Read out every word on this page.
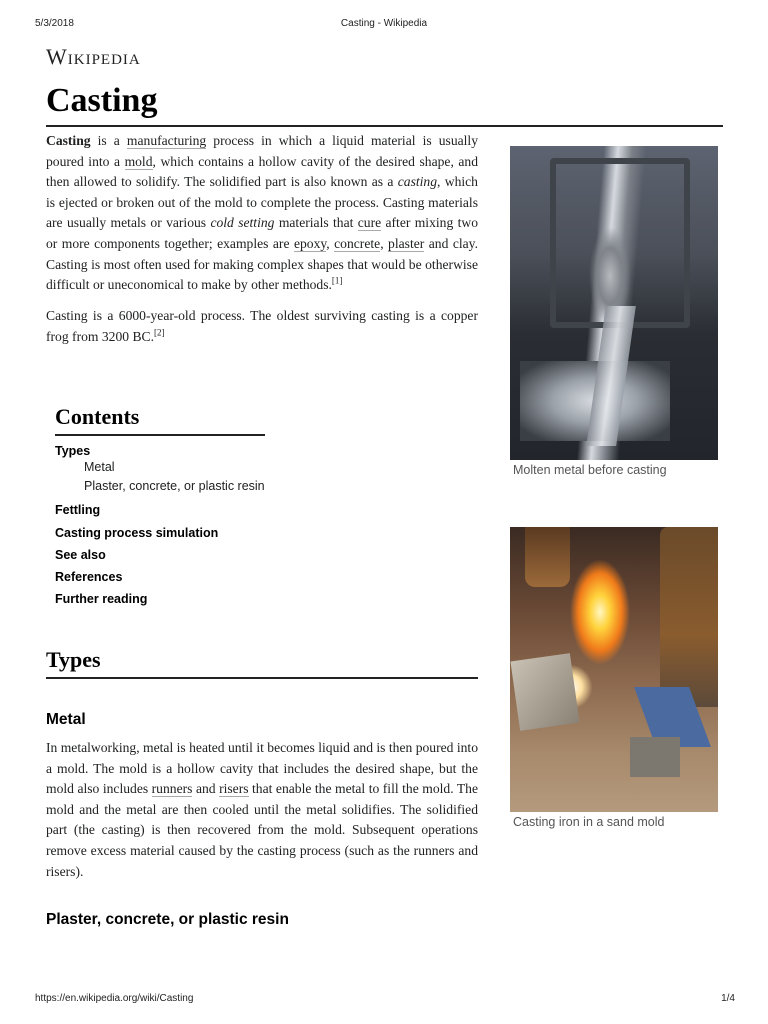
5/3/2018	Casting - Wikipedia
Wikipedia
Casting
Casting is a manufacturing process in which a liquid material is usually poured into a mold, which contains a hollow cavity of the desired shape, and then allowed to solidify. The solidified part is also known as a casting, which is ejected or broken out of the mold to complete the process. Casting materials are usually metals or various cold setting materials that cure after mixing two or more components together; examples are epoxy, concrete, plaster and clay. Casting is most often used for making complex shapes that would be otherwise difficult or uneconomical to make by other methods.[1]
Casting is a 6000-year-old process. The oldest surviving casting is a copper frog from 3200 BC.[2]
Molten metal before casting
Casting iron in a sand mold
Contents
Types
Metal
Plaster, concrete, or plastic resin
Fettling
Casting process simulation
See also
References
Further reading
Types
Metal
In metalworking, metal is heated until it becomes liquid and is then poured into a mold. The mold is a hollow cavity that includes the desired shape, but the mold also includes runners and risers that enable the metal to fill the mold. The mold and the metal are then cooled until the metal solidifies. The solidified part (the casting) is then recovered from the mold. Subsequent operations remove excess material caused by the casting process (such as the runners and risers).
Plaster, concrete, or plastic resin
https://en.wikipedia.org/wiki/Casting	1/4
